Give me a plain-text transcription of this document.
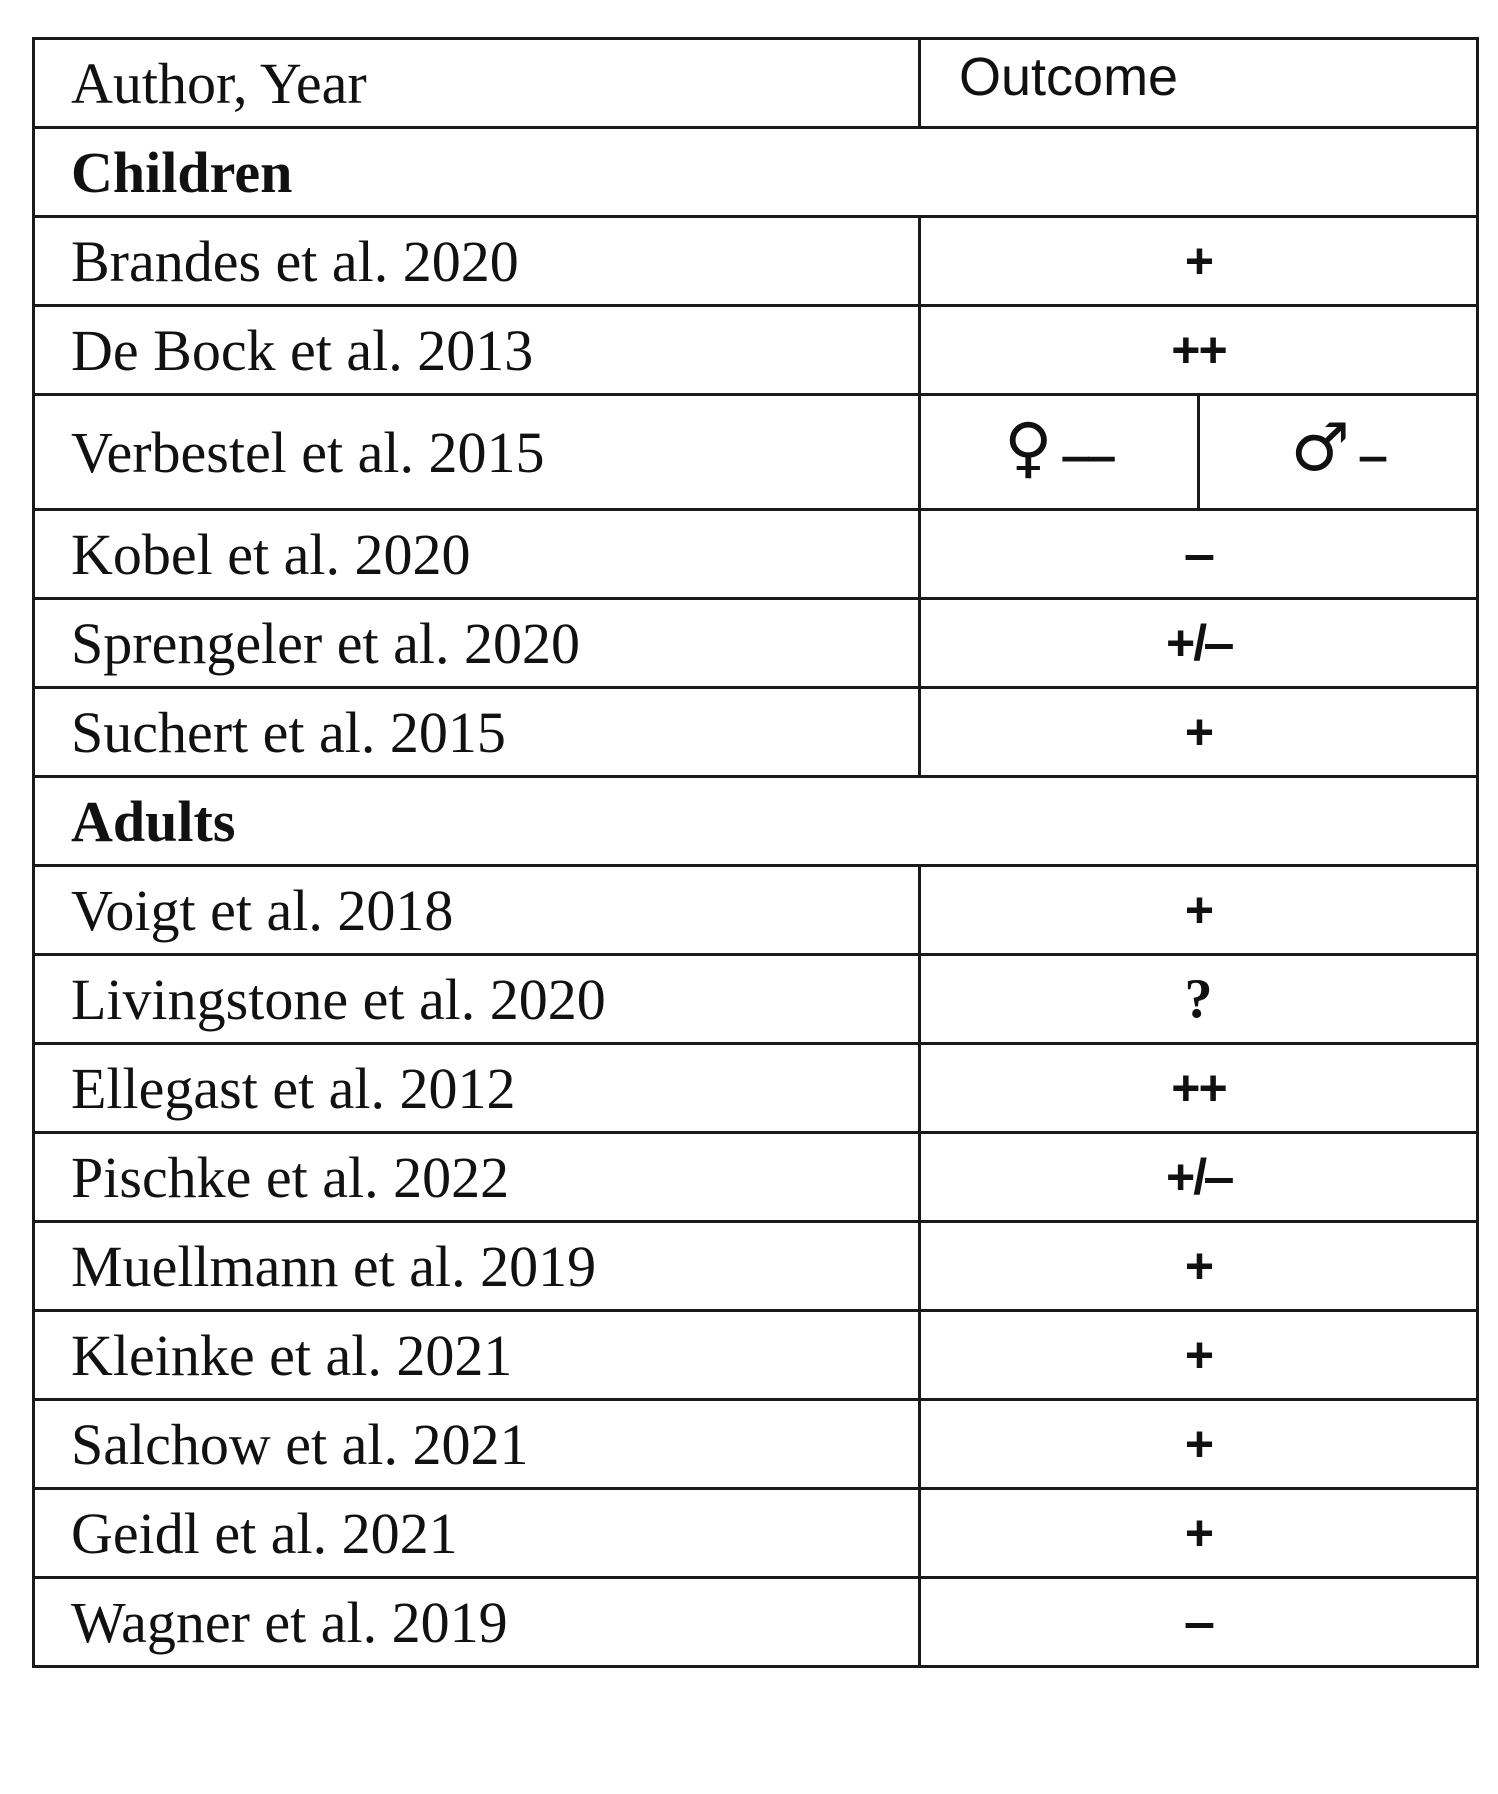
Author, Year	Outcome
Children	
Brandes et al. 2020	+
De Bock et al. 2013	++
Verbestel et al. 2015	♀ ‒‒ ♂ ‒

Kobel et al. 2020	‒
Sprengeler et al. 2020	+/‒
Suchert et al. 2015	+
Adults	
Voigt et al. 2018	+
Livingstone et al. 2020	?
Ellegast et al. 2012	++
Pischke et al. 2022	+/‒
Muellmann et al. 2019	+
Kleinke et al. 2021	+
Salchow et al. 2021	+
Geidl et al. 2021	+
Wagner et al. 2019	‒
